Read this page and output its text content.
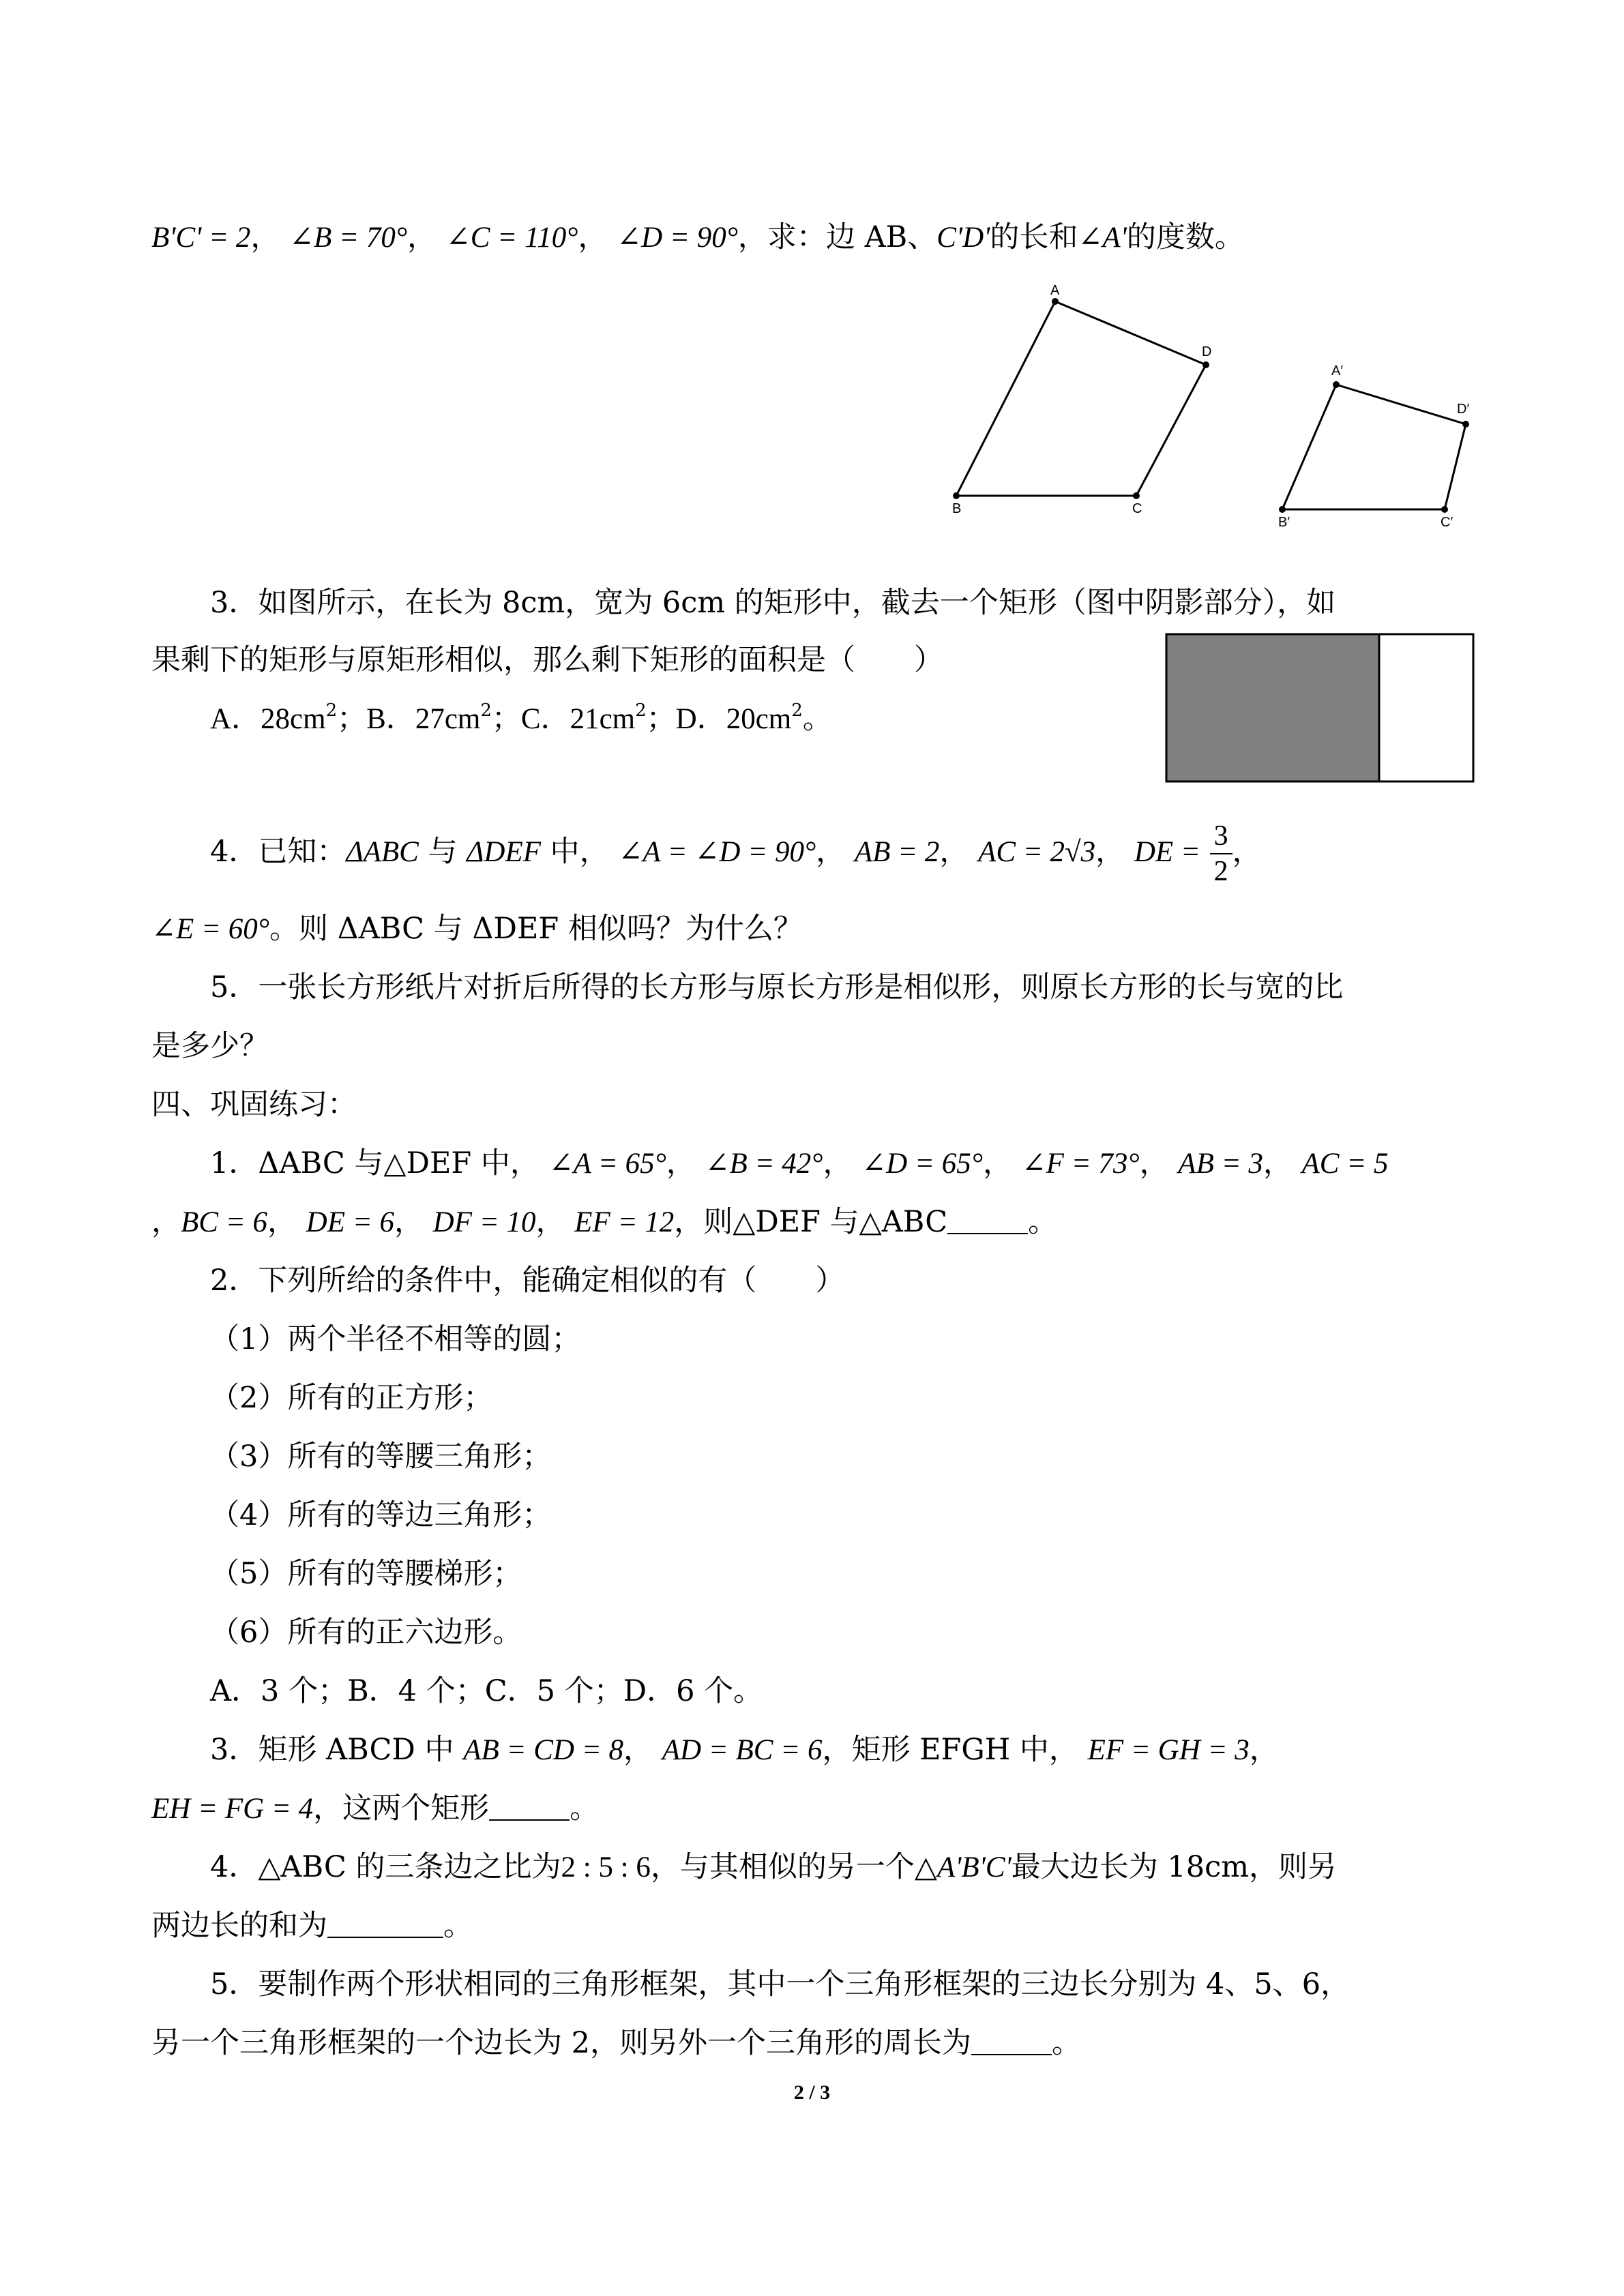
B'C' = 2， ∠B = 70°， ∠C = 110°， ∠D = 90°，求：边 AB、C'D'的长和∠A'的度数。
A
D
C
B
A′
D′
C′
B′
3．如图所示，在长为 8cm，宽为 6cm 的矩形中，截去一个矩形（图中阴影部分），如
果剩下的矩形与原矩形相似，那么剩下矩形的面积是（　　）
A．$28cm^2$；B．$27cm^2$；C．$21cm^2$；D．$20cm^2$。
4．已知：ΔABC 与 ΔDEF 中， ∠A = ∠D = 90°， AB = 2， AC = 2√3， DE = $\frac{3}{2}$ ，
∠E = 60°。则 ΔABC 与 ΔDEF 相似吗？为什么？
5．一张长方形纸片对折后所得的长方形与原长方形是相似形，则原长方形的长与宽的比
是多少？
四、巩固练习：
1．ΔABC 与△DEF 中， ∠A = 65°， ∠B = 42°， ∠D = 65°， ∠F = 73°， AB = 3， AC = 5
，BC = 6， DE = 6， DF = 10， EF = 12，则△DEF 与△ABC	。
2．下列所给的条件中，能确定相似的有（　　）
（1）两个半径不相等的圆；
（2）所有的正方形；
（3）所有的等腰三角形；
（4）所有的等边三角形；
（5）所有的等腰梯形；
（6）所有的正六边形。
A．3 个；B．4 个；C．5 个；D．6 个。
3．矩形 ABCD 中 AB = CD = 8， AD = BC = 6，矩形 EFGH 中， EF = GH = 3，
EH = FG = 4，这两个矩形	。
4．△ABC 的三条边之比为2 : 5 : 6，与其相似的另一个△A'B'C'最大边长为 18cm，则另
两边长的和为	。
5．要制作两个形状相同的三角形框架，其中一个三角形框架的三边长分别为 4、5、6，
另一个三角形框架的一个边长为 2，则另外一个三角形的周长为	。
2 / 3
